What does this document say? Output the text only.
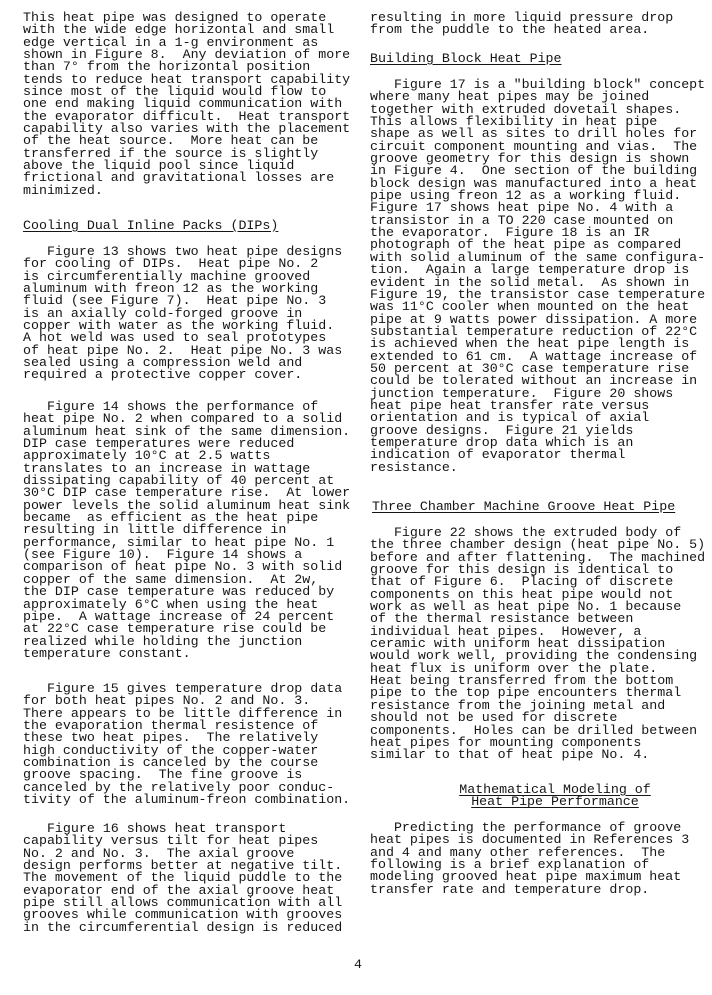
This heat pipe was designed to operate
with the wide edge horizontal and small
edge vertical in a 1-g environment as
shown in Figure 8.  Any deviation of more
than 7° from the horizontal position
tends to reduce heat transport capability
since most of the liquid would flow to
one end making liquid communication with
the evaporator difficult.  Heat transport
capability also varies with the placement
of the heat source.  More heat can be
transferred if the source is slightly
above the liquid pool since liquid
frictional and gravitational losses are
minimized.
Cooling Dual Inline Packs (DIPs)
Figure 13 shows two heat pipe designs
for cooling of DIPs.  Heat pipe No. 2
is circumferentially machine grooved
aluminum with freon 12 as the working
fluid (see Figure 7).  Heat pipe No. 3
is an axially cold-forged groove in
copper with water as the working fluid.
A hot weld was used to seal prototypes
of heat pipe No. 2.  Heat pipe No. 3 was
sealed using a compression weld and
required a protective copper cover.
Figure 14 shows the performance of
heat pipe No. 2 when compared to a solid
aluminum heat sink of the same dimension.
DIP case temperatures were reduced
approximately 10°C at 2.5 watts
translates to an increase in wattage
dissipating capability of 40 percent at
30°C DIP case temperature rise.  At lower
power levels the solid aluminum heat sink
became  as efficient as the heat pipe
resulting in little difference in
performance, similar to heat pipe No. 1
(see Figure 10).  Figure 14 shows a
comparison of heat pipe No. 3 with solid
copper of the same dimension.  At 2w,
the DIP case temperature was reduced by
approximately 6°C when using the heat
pipe.  A wattage increase of 24 percent
at 22°C case temperature rise could be
realized while holding the junction
temperature constant.
Figure 15 gives temperature drop data
for both heat pipes No. 2 and No. 3.
There appears to be little difference in
the evaporation thermal resistence of
these two heat pipes.  The relatively
high conductivity of the copper-water
combination is canceled by the course
groove spacing.  The fine groove is
canceled by the relatively poor conduc-
tivity of the aluminum-freon combination.
Figure 16 shows heat transport
capability versus tilt for heat pipes
No. 2 and No. 3.  The axial groove
design performs better at negative tilt.
The movement of the liquid puddle to the
evaporator end of the axial groove heat
pipe still allows communication with all
grooves while communication with grooves
in the circumferential design is reduced
resulting in more liquid pressure drop
from the puddle to the heated area.
Building Block Heat Pipe
Figure 17 is a "building block" concept
where many heat pipes may be joined
together with extruded dovetail shapes.
This allows flexibility in heat pipe
shape as well as sites to drill holes for
circuit component mounting and vias.  The
groove geometry for this design is shown
in Figure 4.  One section of the building
block design was manufactured into a heat
pipe using freon 12 as a working fluid.
Figure 17 shows heat pipe No. 4 with a
transistor in a TO 220 case mounted on
the evaporator.  Figure 18 is an IR
photograph of the heat pipe as compared
with solid aluminum of the same configura-
tion.  Again a large temperature drop is
evident in the solid metal.  As shown in
Figure 19, the transistor case temperature
was 11°C cooler when mounted on the heat
pipe at 9 watts power dissipation. A more
substantial temperature reduction of 22°C
is achieved when the heat pipe length is
extended to 61 cm.  A wattage increase of
50 percent at 30°C case temperature rise
could be tolerated without an increase in
junction temperature.  Figure 20 shows
heat pipe heat transfer rate versus
orientation and is typical of axial
groove designs.  Figure 21 yields
temperature drop data which is an
indication of evaporator thermal
resistance.
Three Chamber Machine Groove Heat Pipe
Figure 22 shows the extruded body of
the three chamber design (heat pipe No. 5)
before and after flattening.  The machined
groove for this design is identical to
that of Figure 6.  Placing of discrete
components on this heat pipe would not
work as well as heat pipe No. 1 because
of the thermal resistance between
individual heat pipes.  However, a
ceramic with uniform heat dissipation
would work well, providing the condensing
heat flux is uniform over the plate.
Heat being transferred from the bottom
pipe to the top pipe encounters thermal
resistance from the joining metal and
should not be used for discrete
components.  Holes can be drilled between
heat pipes for mounting components
similar to that of heat pipe No. 4.
Mathematical Modeling of
Heat Pipe Performance
Predicting the performance of groove
heat pipes is documented in References 3
and 4 and many other references.  The
following is a brief explanation of
modeling grooved heat pipe maximum heat
transfer rate and temperature drop.
4
